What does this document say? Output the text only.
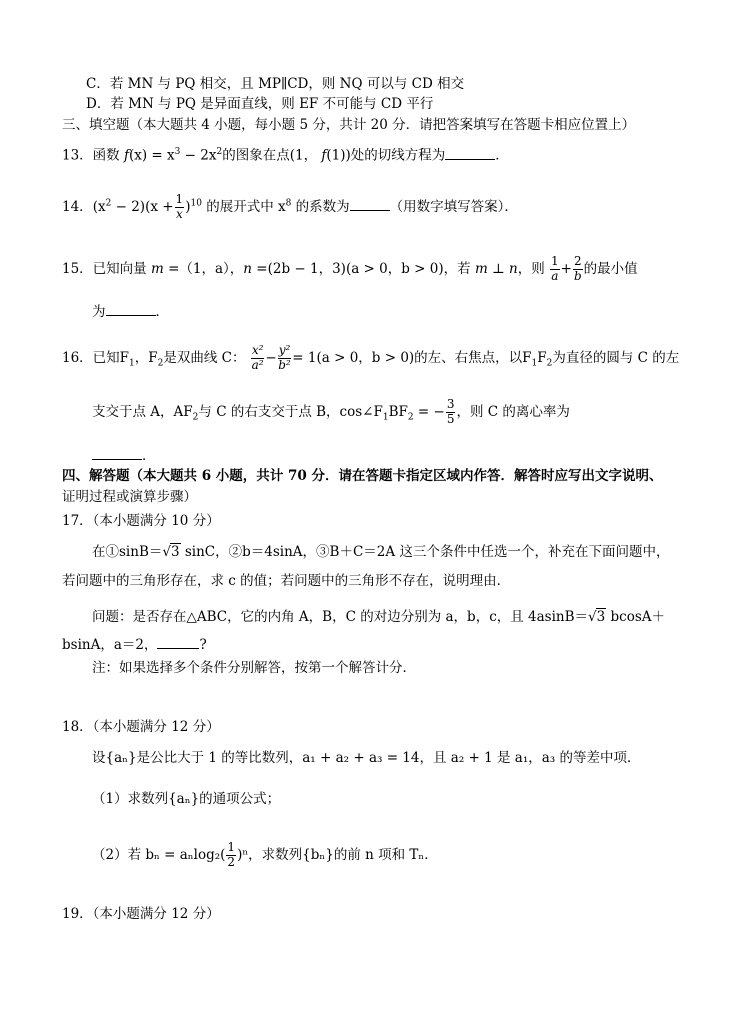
C．若 MN 与 PQ 相交，且 MP∥CD，则 NQ 可以与 CD 相交
D．若 MN 与 PQ 是异面直线，则 EF 不可能与 CD 平行
三、填空题（本大题共 4 小题，每小题 5 分，共计 20 分．请把答案填写在答题卡相应位置上）
13．函数 $f(x) = x^3 - 2x^2$的图象在点(1， f(1))处的切线方程为	．
14．$(x^2 - 2)(x + \frac{1}{x} )^{10}$ 的展开式中 $x^8$ 的系数为	（用数字填写答案）．
15．已知向量 m =（1，a），n =(2b − 1，3)(a > 0，b > 0)，若 m ⊥ n，则 $\frac{1}{a} + \frac{2}{b}$ 的最小值
为	．
16．已知$F_1$，$F_2$是双曲线 C： $\frac{\text{x²}}{\text{a²}} - \frac{\text{y²}}{\text{b²}} = 1(a > 0$，b > 0)的左、右焦点，以$F_1F_2$为直径的圆与 C 的左
支交于点 A，$AF_2$与 C 的右支交于点 B，$\cos\angle F_1BF_2$ = − $\frac{3}{5}$ ，则 C 的离心率为
．
四、解答题（本大题共 6 小题，共计 70 分．请在答题卡指定区域内作答．解答时应写出文字说明、
证明过程或演算步骤）
17．（本小题满分 10 分）
在①sinB＝√3 sinC，②b＝4sinA，③B＋C＝2A 这三个条件中任选一个，补充在下面问题中，
若问题中的三角形存在，求 c 的值；若问题中的三角形不存在，说明理由．
问题：是否存在△ABC，它的内角 A，B，C 的对边分别为 a，b，c，且 4asinB＝√3 bcosA＋
bsinA，a＝2，	?
注：如果选择多个条件分别解答，按第一个解答计分．
18．（本小题满分 12 分）
设{aₙ}是公比大于 1 的等比数列，a₁ + a₂ + a₃ = 14，且 a₂ + 1 是 a₁，a₃ 的等差中项．
（1）求数列{aₙ}的通项公式；
（2）若 $b_n = a_n\log_2( \frac{1}{2} )^n$，求数列{bₙ}的前 n 项和 Tₙ．
19．（本小题满分 12 分）
